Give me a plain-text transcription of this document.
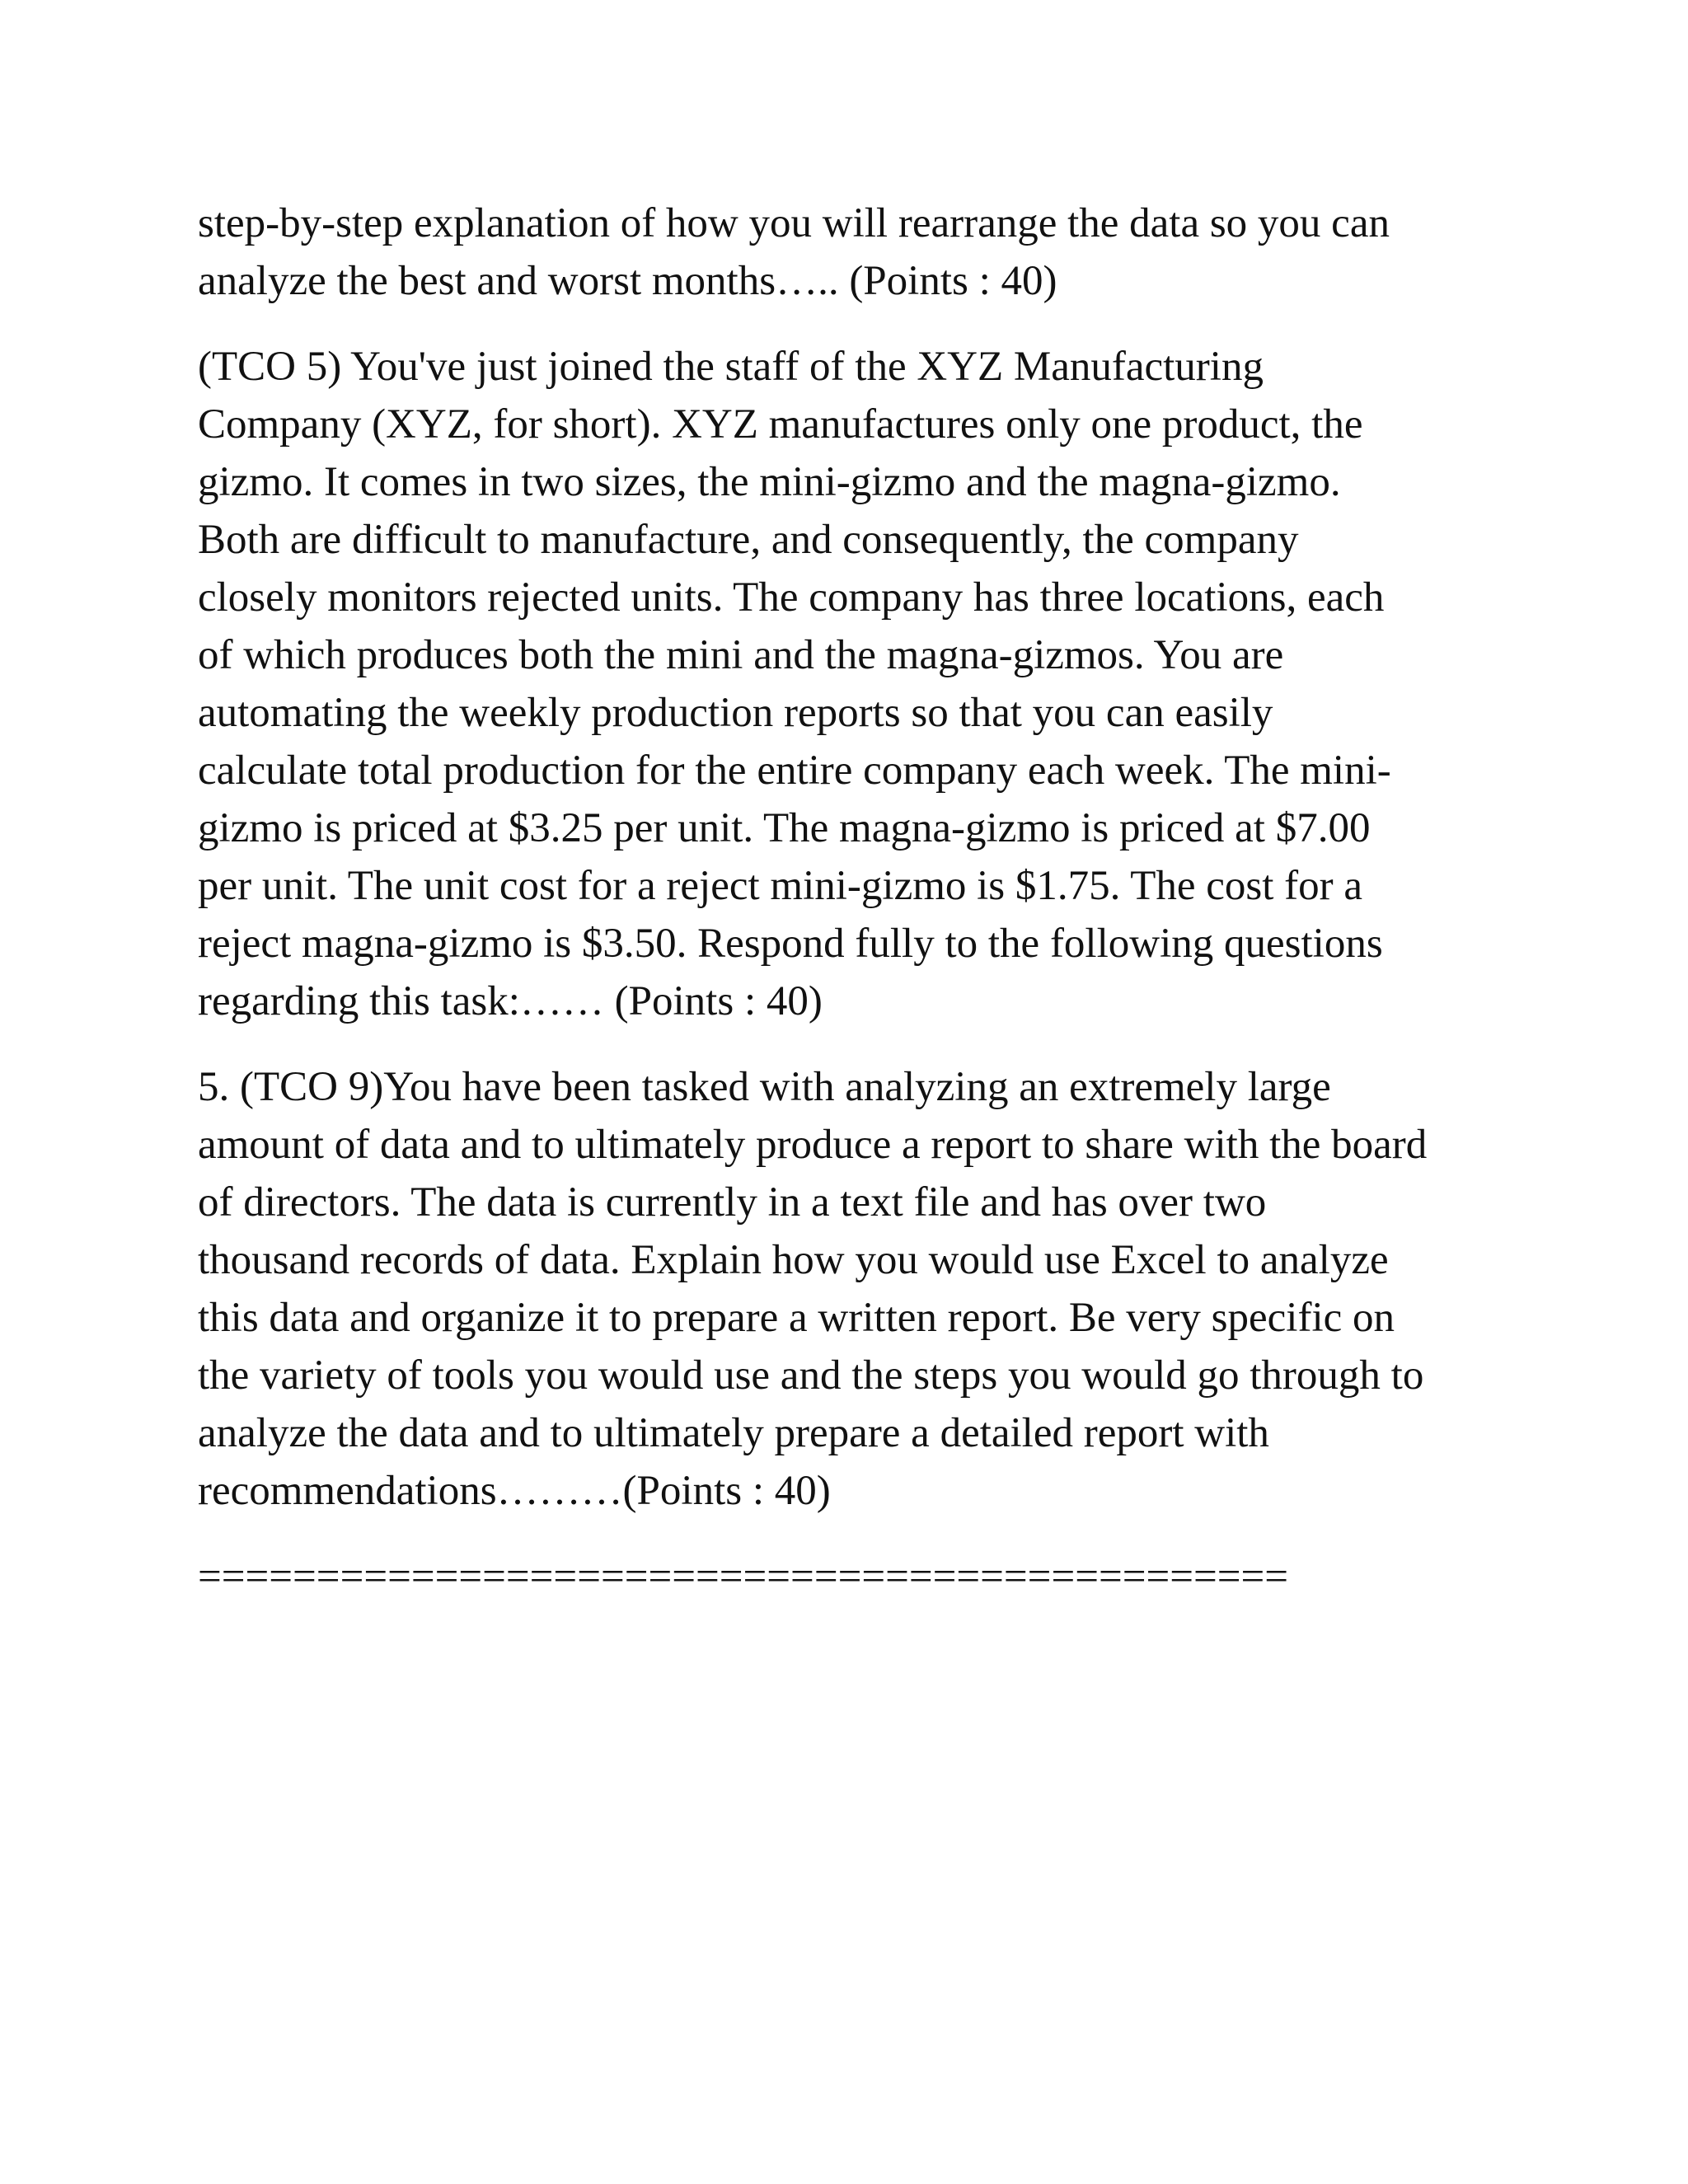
step-by-step explanation of how you will rearrange the data so you can
analyze the best and worst months….. (Points : 40)

(TCO 5) You've just joined the staff of the XYZ Manufacturing
Company (XYZ, for short). XYZ manufactures only one product, the
gizmo. It comes in two sizes, the mini-gizmo and the magna-gizmo.
Both are difficult to manufacture, and consequently, the company
closely monitors rejected units. The company has three locations, each
of which produces both the mini and the magna-gizmos. You are
automating the weekly production reports so that you can easily
calculate total production for the entire company each week. The mini-
gizmo is priced at $3.25 per unit. The magna-gizmo is priced at $7.00
per unit. The unit cost for a reject mini-gizmo is $1.75. The cost for a
reject magna-gizmo is $3.50. Respond fully to the following questions
regarding this task:…… (Points : 40)

5. (TCO 9)You have been tasked with analyzing an extremely large
amount of data and to ultimately produce a report to share with the board
of directors. The data is currently in a text file and has over two
thousand records of data. Explain how you would use Excel to analyze
this data and organize it to prepare a written report. Be very specific on
the variety of tools you would use and the steps you would go through to
analyze the data and to ultimately prepare a detailed report with
recommendations………(Points : 40)

==============================================
